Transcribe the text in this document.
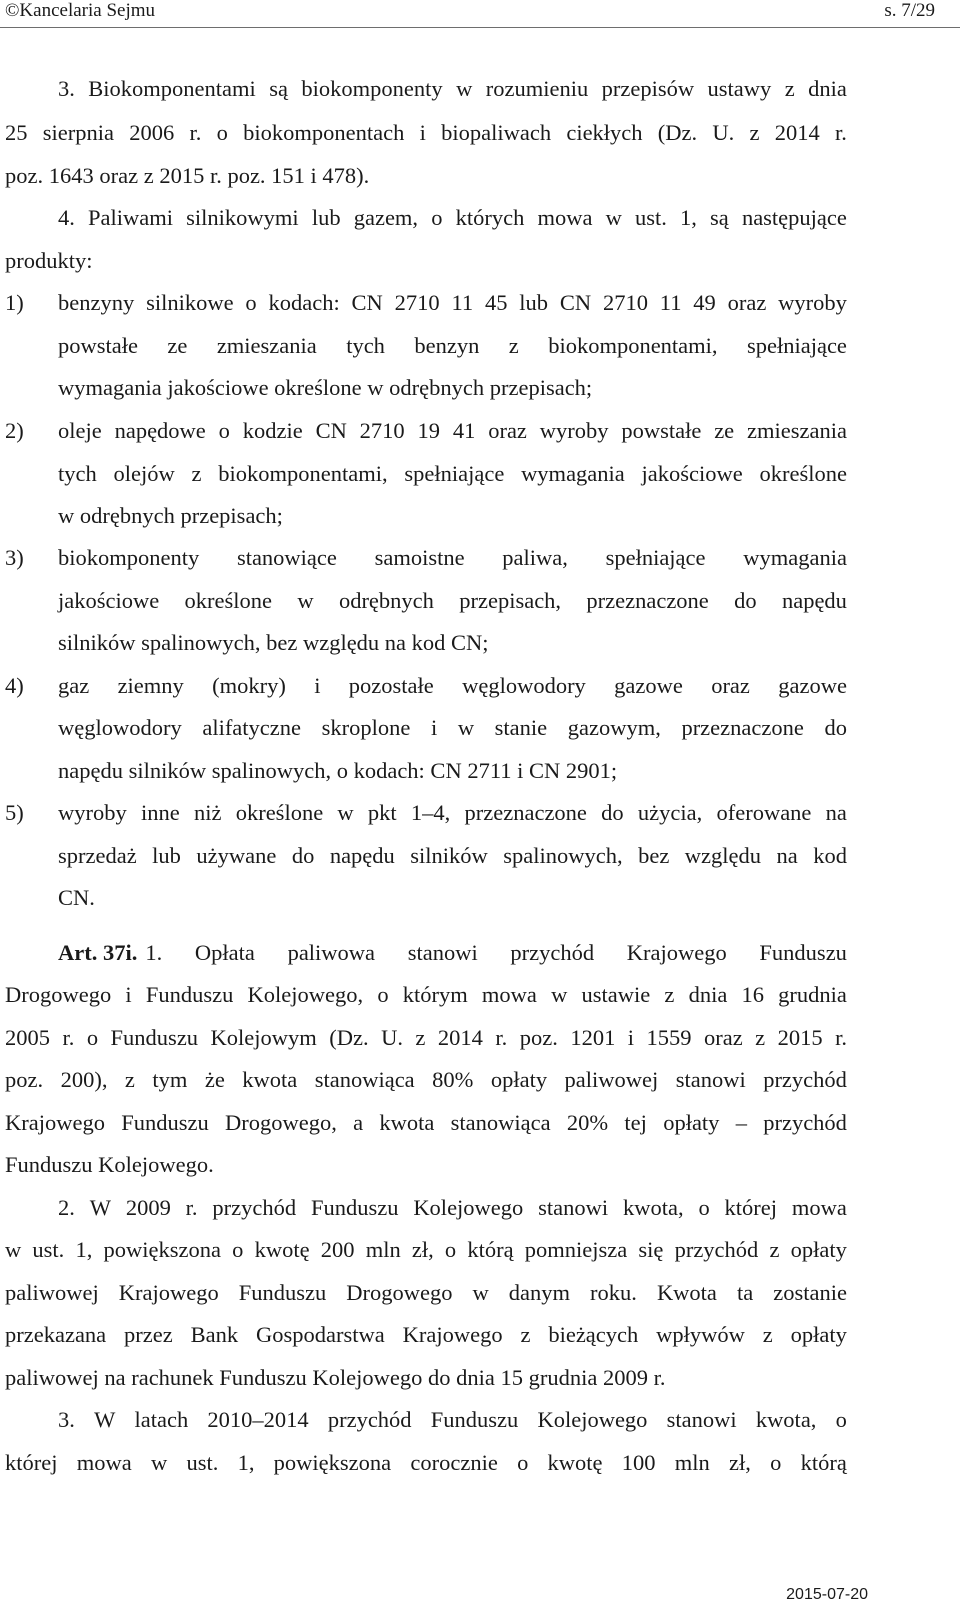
©Kancelaria Sejmu	s. 7/29
3. Biokomponentami są biokomponenty w rozumieniu przepisów ustawy z dnia
25 sierpnia 2006 r. o biokomponentach i biopaliwach ciekłych (Dz. U. z 2014 r.
poz. 1643 oraz z 2015 r. poz. 151 i 478).
4. Paliwami silnikowymi lub gazem, o których mowa w ust. 1, są następujące
produkty:
1) benzyny silnikowe o kodach: CN 2710 11 45 lub CN 2710 11 49 oraz wyroby
powstałe ze zmieszania tych benzyn z biokomponentami, spełniające
wymagania jakościowe określone w odrębnych przepisach;
2) oleje napędowe o kodzie CN 2710 19 41 oraz wyroby powstałe ze zmieszania
tych olejów z biokomponentami, spełniające wymagania jakościowe określone
w odrębnych przepisach;
3) biokomponenty stanowiące samoistne paliwa, spełniające wymagania
jakościowe określone w odrębnych przepisach, przeznaczone do napędu
silników spalinowych, bez względu na kod CN;
4) gaz ziemny (mokry) i pozostałe węglowodory gazowe oraz gazowe
węglowodory alifatyczne skroplone i w stanie gazowym, przeznaczone do
napędu silników spalinowych, o kodach: CN 2711 i CN 2901;
5) wyroby inne niż określone w pkt 1–4, przeznaczone do użycia, oferowane na
sprzedaż lub używane do napędu silników spalinowych, bez względu na kod
CN.
Art. 37i. 1. Opłata paliwowa stanowi przychód Krajowego Funduszu
Drogowego i Funduszu Kolejowego, o którym mowa w ustawie z dnia 16 grudnia
2005 r. o Funduszu Kolejowym (Dz. U. z 2014 r. poz. 1201 i 1559 oraz z 2015 r.
poz. 200), z tym że kwota stanowiąca 80% opłaty paliwowej stanowi przychód
Krajowego Funduszu Drogowego, a kwota stanowiąca 20% tej opłaty – przychód
Funduszu Kolejowego.
2. W 2009 r. przychód Funduszu Kolejowego stanowi kwota, o której mowa
w ust. 1, powiększona o kwotę 200 mln zł, o którą pomniejsza się przychód z opłaty
paliwowej Krajowego Funduszu Drogowego w danym roku. Kwota ta zostanie
przekazana przez Bank Gospodarstwa Krajowego z bieżących wpływów z opłaty
paliwowej na rachunek Funduszu Kolejowego do dnia 15 grudnia 2009 r.
3. W latach 2010–2014 przychód Funduszu Kolejowego stanowi kwota, o
której mowa w ust. 1, powiększona corocznie o kwotę 100 mln zł, o którą
2015-07-20
